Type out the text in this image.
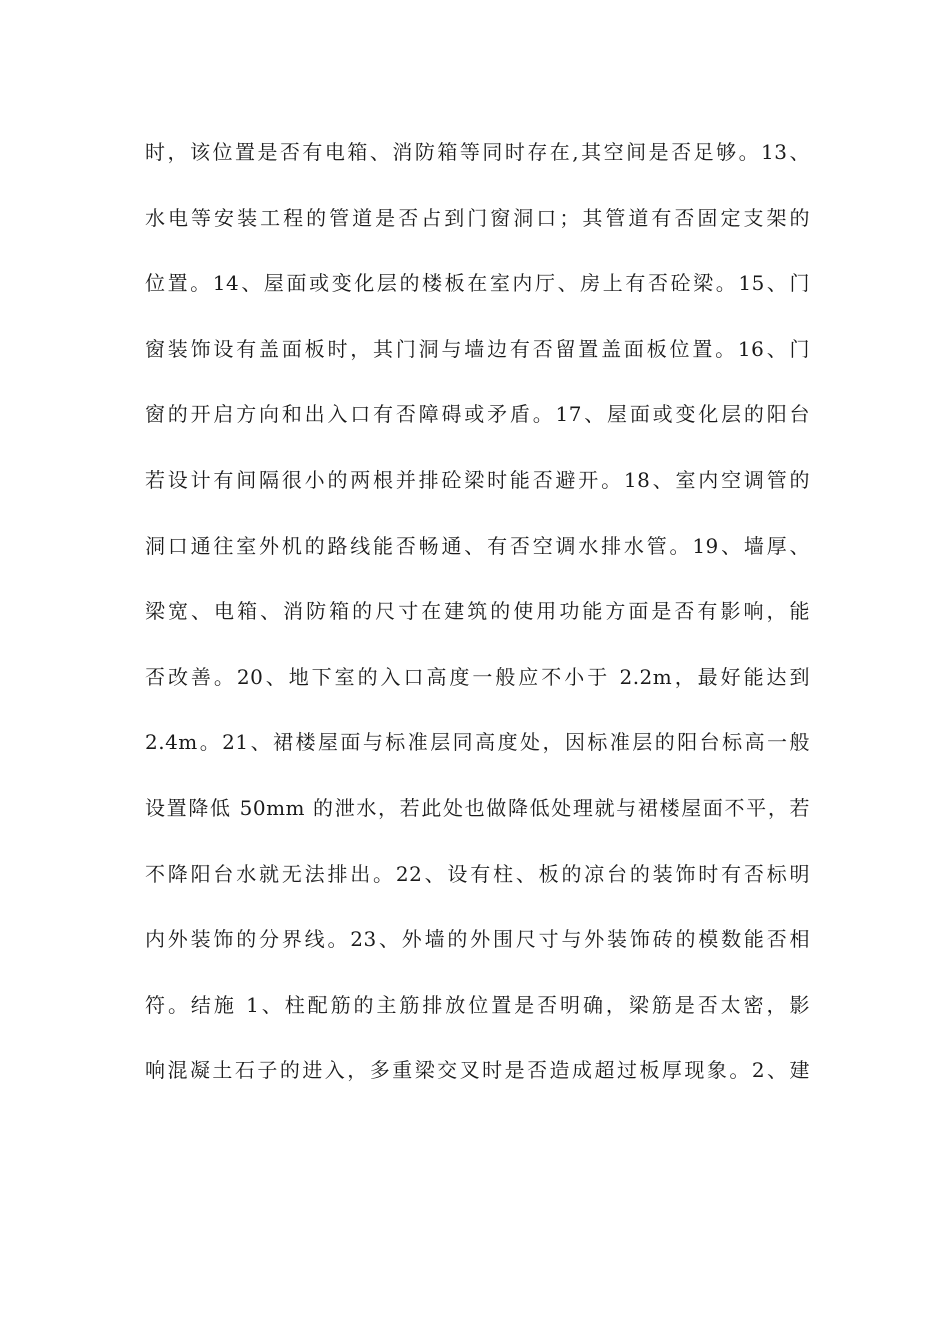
时，该位置是否有电箱、消防箱等同时存在,其空间是否足够。13、
水电等安装工程的管道是否占到门窗洞口；其管道有否固定支架的
位置。14、屋面或变化层的楼板在室内厅、房上有否砼梁。15、门
窗装饰设有盖面板时，其门洞与墙边有否留置盖面板位置。16、门
窗的开启方向和出入口有否障碍或矛盾。17、屋面或变化层的阳台
若设计有间隔很小的两根并排砼梁时能否避开。18、室内空调管的
洞口通往室外机的路线能否畅通、有否空调水排水管。19、墙厚、
梁宽、电箱、消防箱的尺寸在建筑的使用功能方面是否有影响，能
否改善。20、地下室的入口高度一般应不小于 2.2m，最好能达到
2.4m。21、裙楼屋面与标准层同高度处，因标准层的阳台标高一般
设置降低 50mm 的泄水，若此处也做降低处理就与裙楼屋面不平，若
不降阳台水就无法排出。22、设有柱、板的凉台的装饰时有否标明
内外装饰的分界线。23、外墙的外围尺寸与外装饰砖的模数能否相
符。结施 1、柱配筋的主筋排放位置是否明确，梁筋是否太密，影
响混凝土石子的进入，多重梁交叉时是否造成超过板厚现象。2、建
